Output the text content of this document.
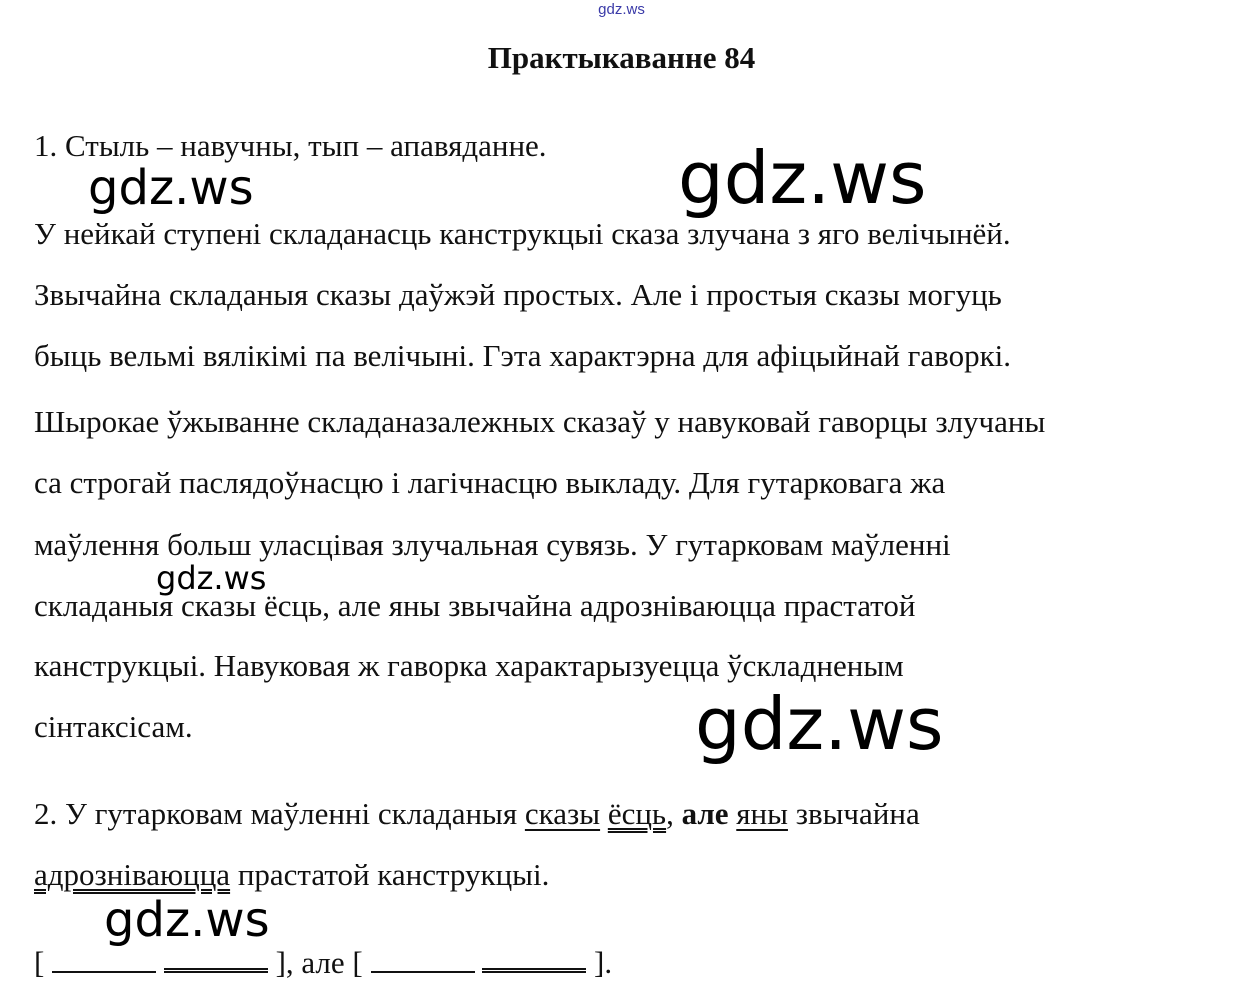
gdz.ws
Практыкаванне 84
1. Стыль – навучны, тып – апавяданне.
У нейкай ступені складанасць канструкцыі сказа злучана з яго велічынёй.
Звычайна складаныя сказы даўжэй простых. Але і простыя сказы могуць
быць вельмі вялікімі па велічыні. Гэта характэрна для афіцыйнай гаворкі.
Шырокае ўжыванне складаназалежных сказаў у навуковай гаворцы злучаны
са строгай паслядоўнасцю і лагічнасцю выкладу. Для гутарковага жа
маўлення больш уласцівая злучальная сувязь. У гутарковам маўленні
складаныя сказы ёсць, але яны звычайна адрозніваюцца прастатой
канструкцыі. Навуковая ж гаворка характарызуецца ўскладненым
сінтаксісам.
2. У гутарковам маўленні складаныя сказы ёсць, але яны звычайна
адрозніваюцца прастатой канструкцыі.
[	], але [	].
gdz.ws	gdz.ws
gdz.ws
gdz.ws
gdz.ws
